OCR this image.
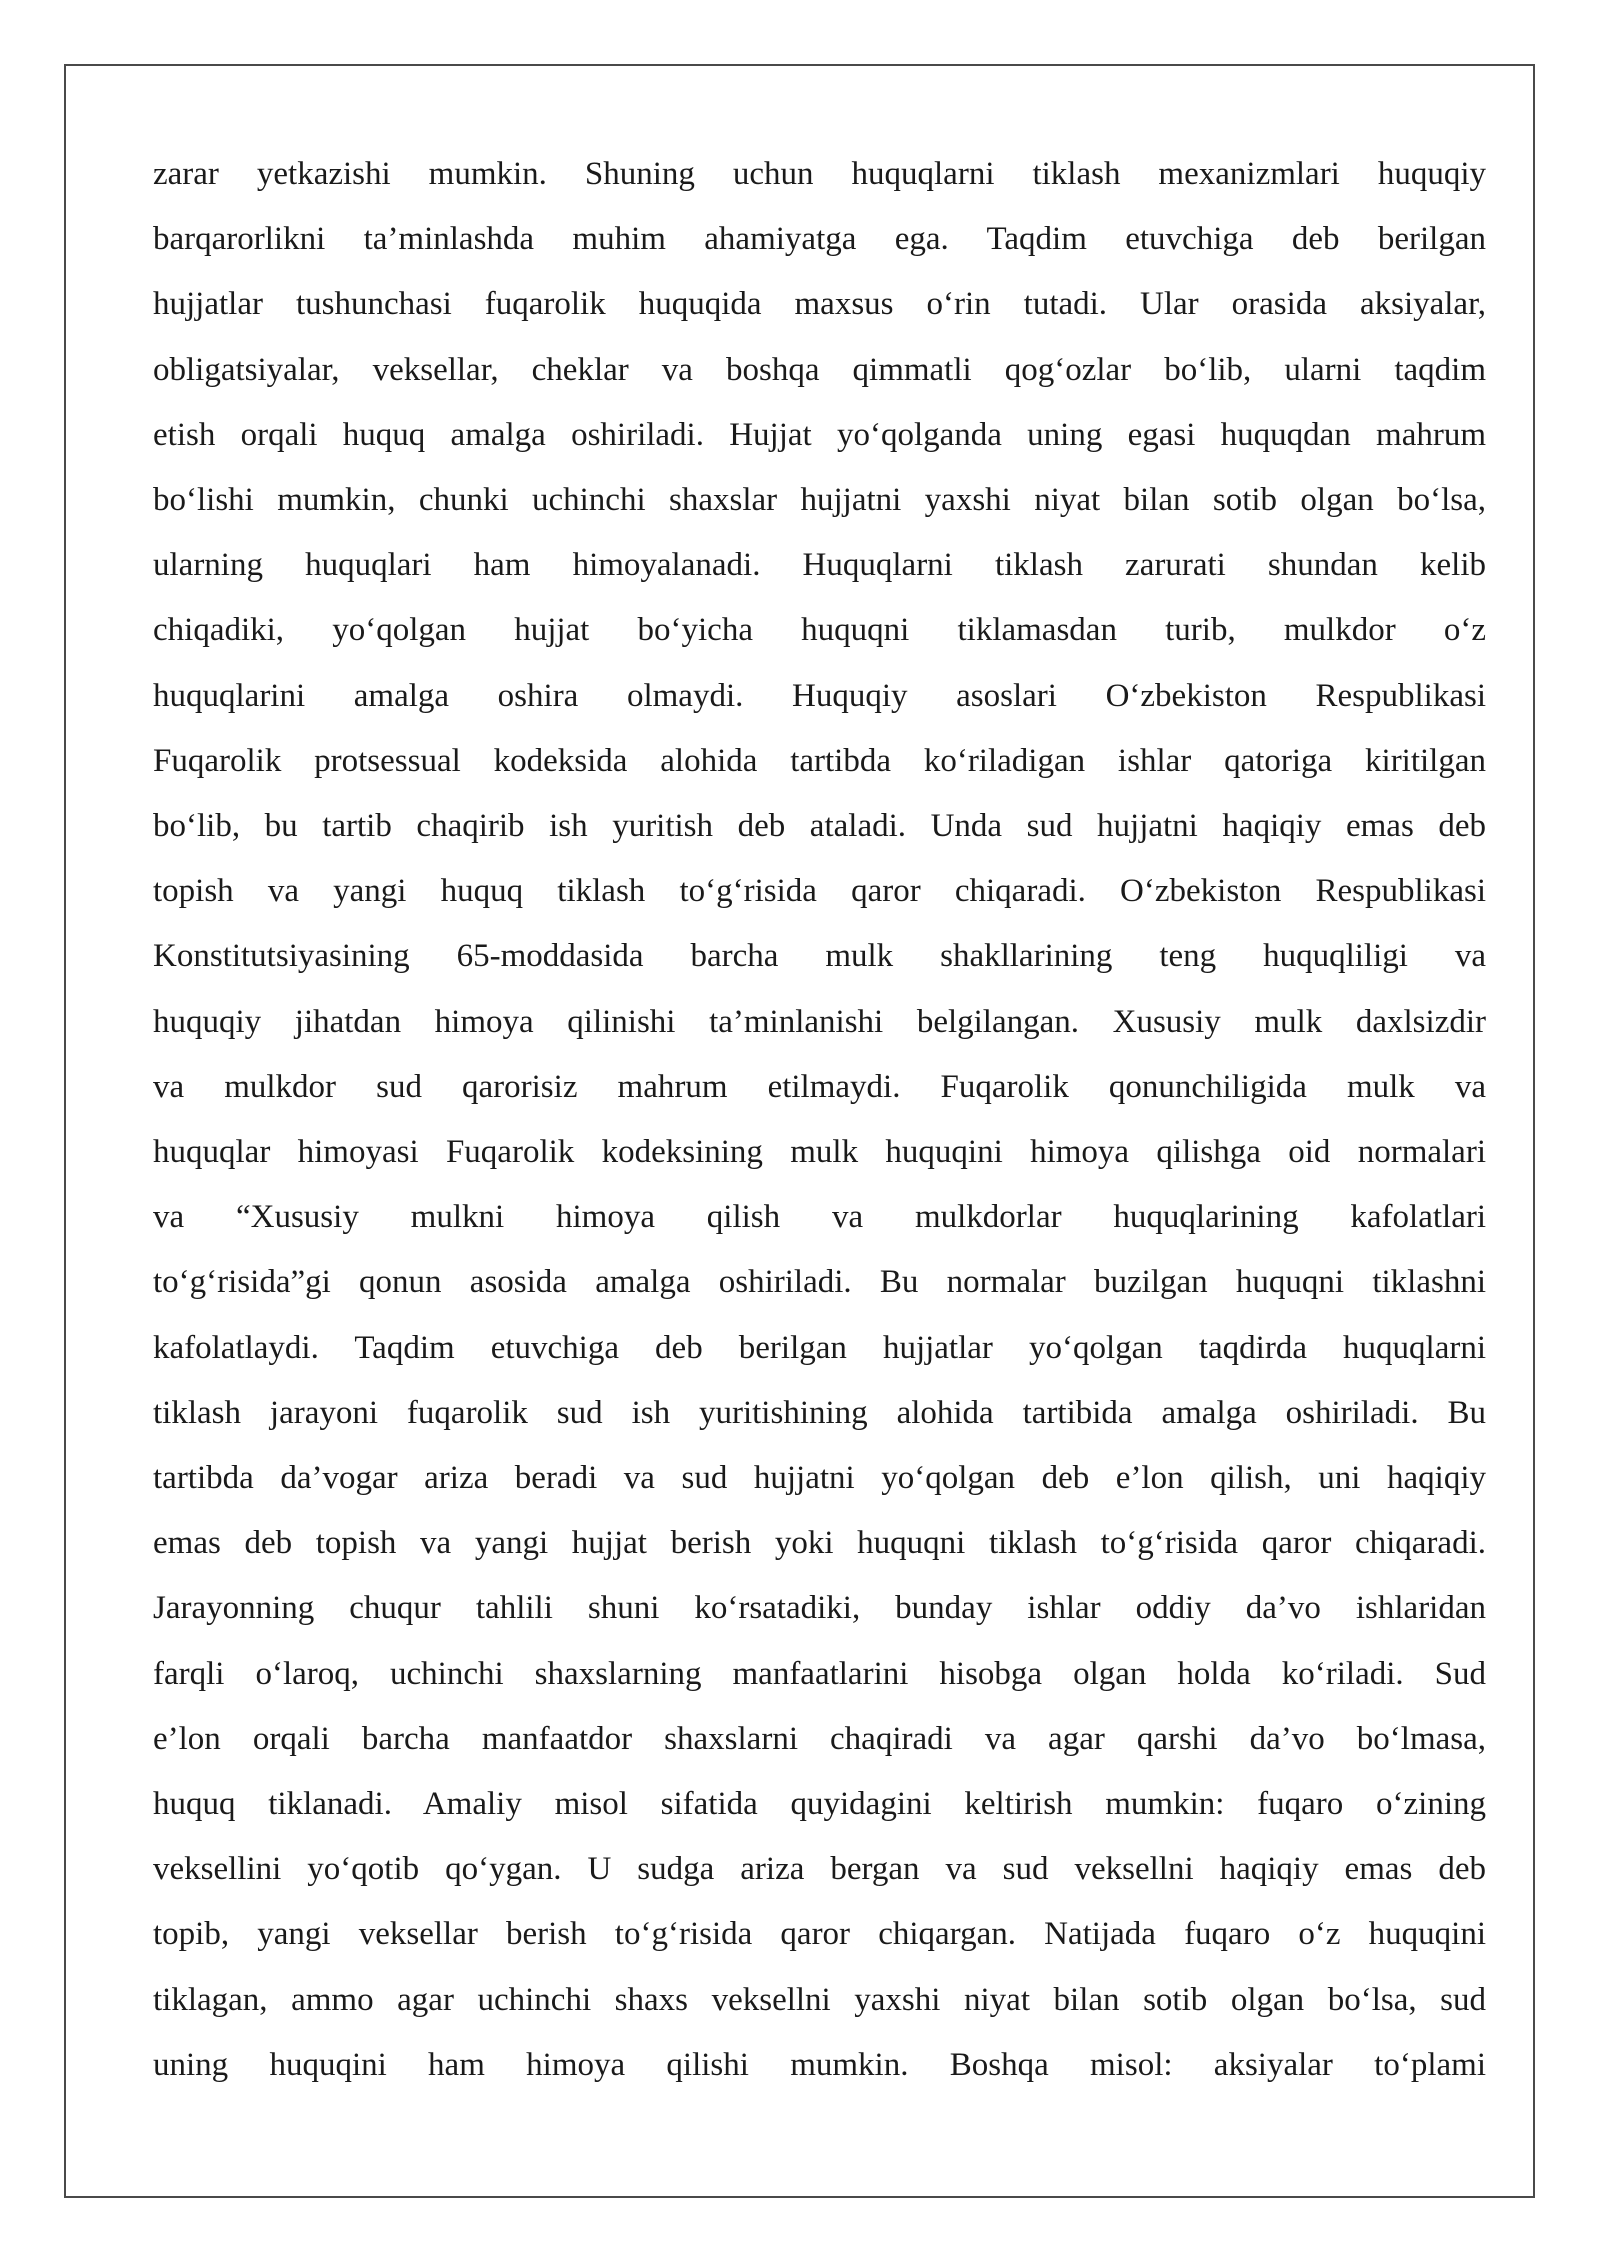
zarar yetkazishi mumkin. Shuning uchun huquqlarni tiklash mexanizmlari huquqiy
barqarorlikni ta’minlashda muhim ahamiyatga ega. Taqdim etuvchiga deb berilgan
hujjatlar tushunchasi fuqarolik huquqida maxsus o‘rin tutadi. Ular orasida aksiyalar,
obligatsiyalar, veksellar, cheklar va boshqa qimmatli qog‘ozlar bo‘lib, ularni taqdim
etish orqali huquq amalga oshiriladi. Hujjat yo‘qolganda uning egasi huquqdan mahrum
bo‘lishi mumkin, chunki uchinchi shaxslar hujjatni yaxshi niyat bilan sotib olgan bo‘lsa,
ularning huquqlari ham himoyalanadi. Huquqlarni tiklash zarurati shundan kelib
chiqadiki, yo‘qolgan hujjat bo‘yicha huquqni tiklamasdan turib, mulkdor o‘z
huquqlarini amalga oshira olmaydi. Huquqiy asoslari O‘zbekiston Respublikasi
Fuqarolik protsessual kodeksida alohida tartibda ko‘riladigan ishlar qatoriga kiritilgan
bo‘lib, bu tartib chaqirib ish yuritish deb ataladi. Unda sud hujjatni haqiqiy emas deb
topish va yangi huquq tiklash to‘g‘risida qaror chiqaradi. O‘zbekiston Respublikasi
Konstitutsiyasining 65-moddasida barcha mulk shakllarining teng huquqliligi va
huquqiy jihatdan himoya qilinishi ta’minlanishi belgilangan. Xususiy mulk daxlsizdir
va mulkdor sud qarorisiz mahrum etilmaydi. Fuqarolik qonunchiligida mulk va
huquqlar himoyasi Fuqarolik kodeksining mulk huquqini himoya qilishga oid normalari
va “Xususiy mulkni himoya qilish va mulkdorlar huquqlarining kafolatlari
to‘g‘risida”gi qonun asosida amalga oshiriladi. Bu normalar buzilgan huquqni tiklashni
kafolatlaydi. Taqdim etuvchiga deb berilgan hujjatlar yo‘qolgan taqdirda huquqlarni
tiklash jarayoni fuqarolik sud ish yuritishining alohida tartibida amalga oshiriladi. Bu
tartibda da’vogar ariza beradi va sud hujjatni yo‘qolgan deb e’lon qilish, uni haqiqiy
emas deb topish va yangi hujjat berish yoki huquqni tiklash to‘g‘risida qaror chiqaradi.
Jarayonning chuqur tahlili shuni ko‘rsatadiki, bunday ishlar oddiy da’vo ishlaridan
farqli o‘laroq, uchinchi shaxslarning manfaatlarini hisobga olgan holda ko‘riladi. Sud
e’lon orqali barcha manfaatdor shaxslarni chaqiradi va agar qarshi da’vo bo‘lmasa,
huquq tiklanadi. Amaliy misol sifatida quyidagini keltirish mumkin: fuqaro o‘zining
veksellini yo‘qotib qo‘ygan. U sudga ariza bergan va sud veksellni haqiqiy emas deb
topib, yangi veksellar berish to‘g‘risida qaror chiqargan. Natijada fuqaro o‘z huquqini
tiklagan, ammo agar uchinchi shaxs veksellni yaxshi niyat bilan sotib olgan bo‘lsa, sud
uning huquqini ham himoya qilishi mumkin. Boshqa misol: aksiyalar to‘plami
